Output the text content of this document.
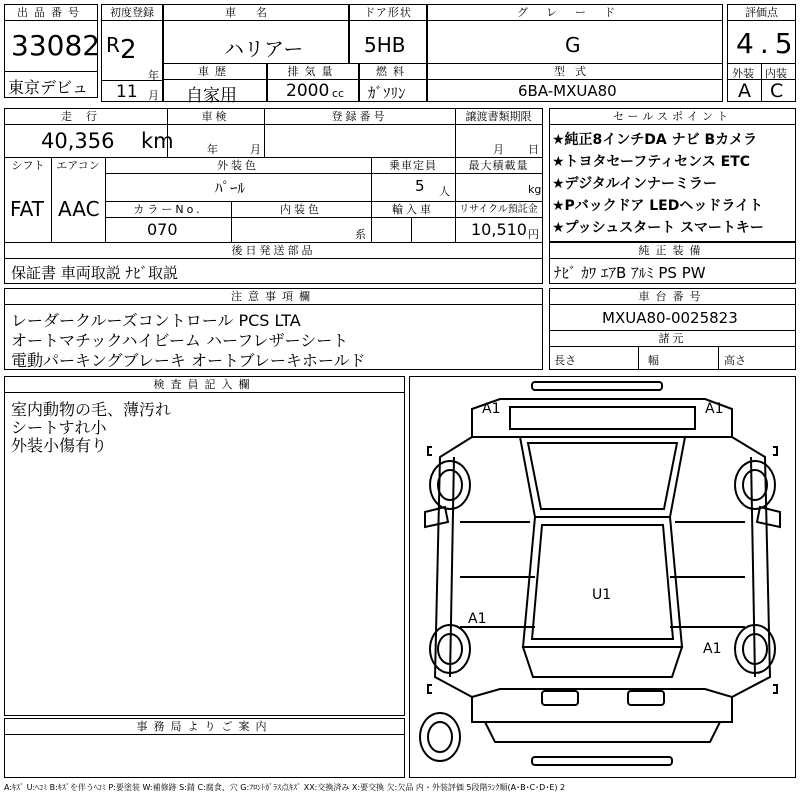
出品番号
33082
東京デビュ
初度登録
R 2
年
11 月
車名
ハリアー
ドア形状
5HB
グレード
G
評価点
4.5
外装 内装
A C
車歴
自家用
排気量
2000 cc
燃料
ｶﾞｿﾘﾝ
型式
6BA-MXUA80
走行	車検	登録番号	譲渡書類期限
40,356 km	年	月	月 日
シフト	エアコン	外装色	乗車定員	最大積載量
FAT AAC
ﾊﾟｰﾙ	5 人	kg
カラーNo.	内装色	輸入車	リサイクル預託金
070	系	10,510 円
後日発送部品
保証書 車両取説 ﾅﾋﾞ取説
セールスポイント
★純正8インチDA ナビ Bカメラ
★トヨタセーフティセンス ETC
★デジタルインナーミラー
★Pバックドア LEDヘッドライト
★プッシュスタート スマートキー
純正装備
ﾅﾋﾞ ｶﾜ ｴｱB ｱﾙﾐ PS PW
注意事項欄
レーダークルーズコントロール PCS LTA
オートマチックハイビーム ハーフレザーシート
電動パーキングブレーキ オートブレーキホールド
車台番号
MXUA80-0025823
諸元
長さ	幅	高さ
検査員記入欄
室内動物の毛、薄汚れ
シートすれ小
外装小傷有り
事務局よりご案内
A1	A1
U1
A1
A1
A:ｷｽﾞ U:ﾍｺﾐ B:ｷｽﾞを伴うﾍｺﾐ P:要塗装 W:補修跡 S:錆 C:腐食、穴 G:ﾌﾛﾝﾄｶﾞﾗｽ点ｷｽﾞ XX:交換済み X:要交換 欠:欠品 内・外装評価 5段階ﾗﾝｸ順(A･B･C･D･E) 2
